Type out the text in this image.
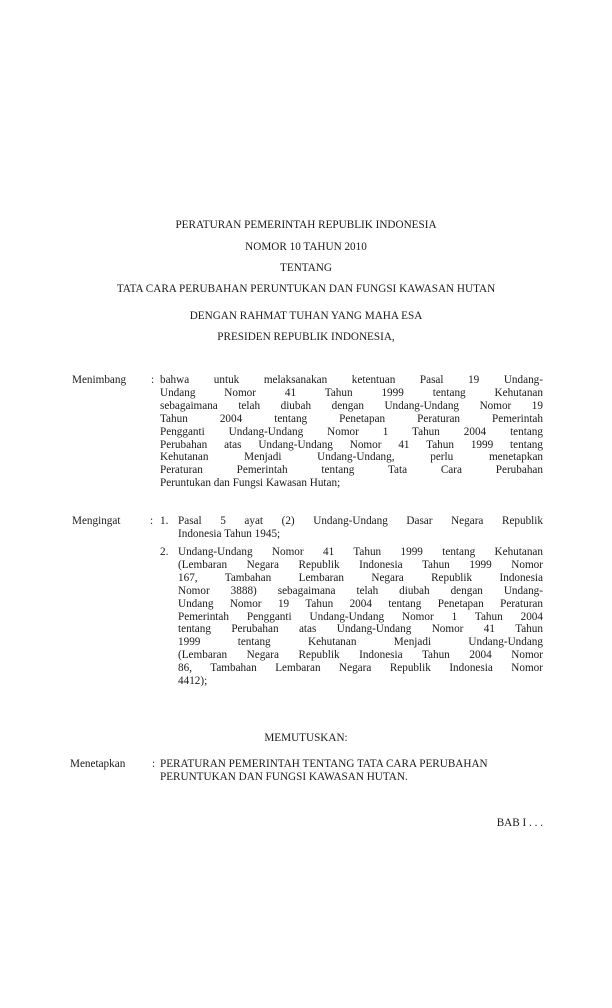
PERATURAN PEMERINTAH REPUBLIK INDONESIA
NOMOR 10 TAHUN 2010
TENTANG
TATA CARA PERUBAHAN PERUNTUKAN DAN FUNGSI KAWASAN HUTAN
DENGAN RAHMAT TUHAN YANG MAHA ESA
PRESIDEN REPUBLIK INDONESIA,
Menimbang : bahwa untuk melaksanakan ketentuan Pasal 19 Undang-
Undang Nomor 41 Tahun 1999 tentang Kehutanan
sebagaimana telah diubah dengan Undang-Undang Nomor 19
Tahun 2004 tentang Penetapan Peraturan Pemerintah
Pengganti Undang-Undang Nomor 1 Tahun 2004 tentang
Perubahan atas Undang-Undang Nomor 41 Tahun 1999 tentang
Kehutanan Menjadi Undang-Undang, perlu menetapkan
Peraturan Pemerintah tentang Tata Cara Perubahan
Peruntukan dan Fungsi Kawasan Hutan;
Mengingat	: 1. Pasal 5 ayat (2) Undang-Undang Dasar Negara Republik
Indonesia Tahun 1945;
2. Undang-Undang Nomor 41 Tahun 1999 tentang Kehutanan
(Lembaran Negara Republik Indonesia Tahun 1999 Nomor
167, Tambahan Lembaran Negara Republik Indonesia
Nomor 3888) sebagaimana telah diubah dengan Undang-
Undang Nomor 19 Tahun 2004 tentang Penetapan Peraturan
Pemerintah Pengganti Undang-Undang Nomor 1 Tahun 2004
tentang Perubahan atas Undang-Undang Nomor 41 Tahun
1999 tentang Kehutanan Menjadi Undang-Undang
(Lembaran Negara Republik Indonesia Tahun 2004 Nomor
86, Tambahan Lembaran Negara Republik Indonesia Nomor
4412);
MEMUTUSKAN:
Menetapkan : PERATURAN PEMERINTAH TENTANG TATA CARA PERUBAHAN
PERUNTUKAN DAN FUNGSI KAWASAN HUTAN.
BAB I . . .
